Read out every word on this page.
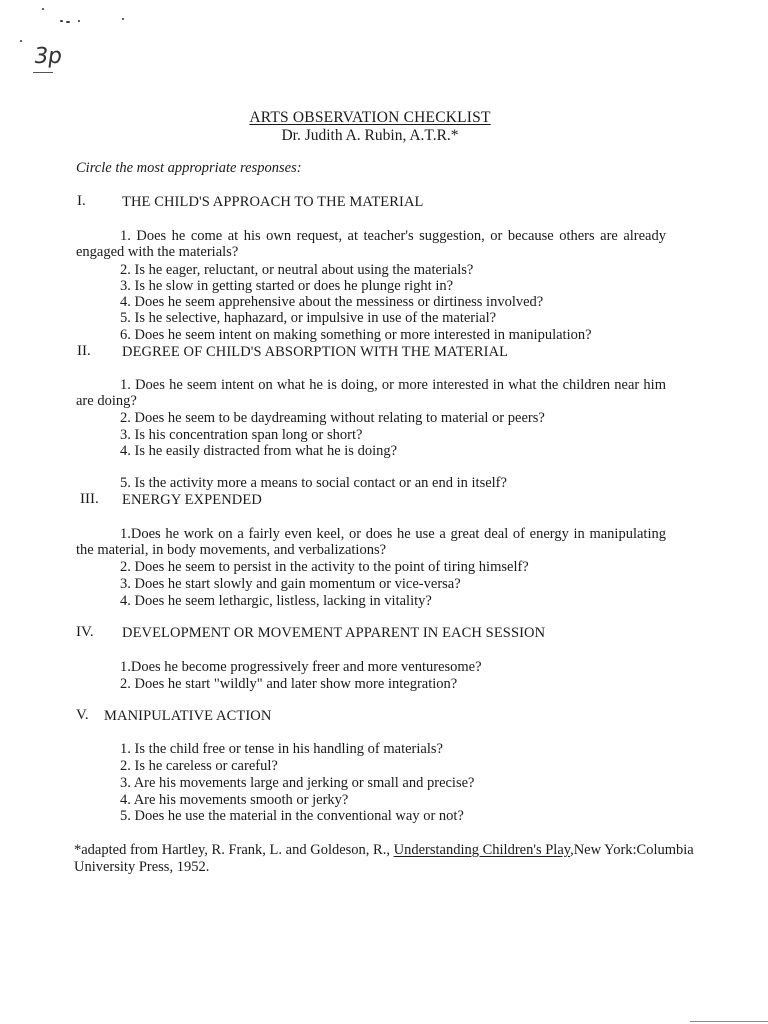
3p
ARTS OBSERVATION CHECKLIST
Dr. Judith A. Rubin, A.T.R.*
Circle the most appropriate responses:
I.	THE CHILD'S APPROACH TO THE MATERIAL
1. Does he come at his own request, at teacher's suggestion, or because others are already engaged with the materials?
2. Is he eager, reluctant, or neutral about using the materials?
3. Is he slow in getting started or does he plunge right in?
4. Does he seem apprehensive about the messiness or dirtiness involved?
5. Is he selective, haphazard, or impulsive in use of the material?
6. Does he seem intent on making something or more interested in manipulation?
II. DEGREE OF CHILD'S ABSORPTION WITH THE MATERIAL
1. Does he seem intent on what he is doing, or more interested in what the children near him are doing?
2. Does he seem to be daydreaming without relating to material or peers?
3. Is his concentration span long or short?
4. Is he easily distracted from what he is doing?
5. Is the activity more a means to social contact or an end in itself?
III. ENERGY EXPENDED
1.Does he work on a fairly even keel, or does he use a great deal of energy in manipulating the material, in body movements, and verbalizations?
2. Does he seem to persist in the activity to the point of tiring himself?
3. Does he start slowly and gain momentum or vice-versa?
4. Does he seem lethargic, listless, lacking in vitality?
IV. DEVELOPMENT OR MOVEMENT APPARENT IN EACH SESSION
1.Does he become progressively freer and more venturesome?
2. Does he start "wildly" and later show more integration?
V. MANIPULATIVE ACTION
1. Is the child free or tense in his handling of materials?
2. Is he careless or careful?
3. Are his movements large and jerking or small and precise?
4. Are his movements smooth or jerky?
5. Does he use the material in the conventional way or not?
*adapted from Hartley, R. Frank, L. and Goldeson, R., Understanding Children's Play,New York:Columbia University Press, 1952.
